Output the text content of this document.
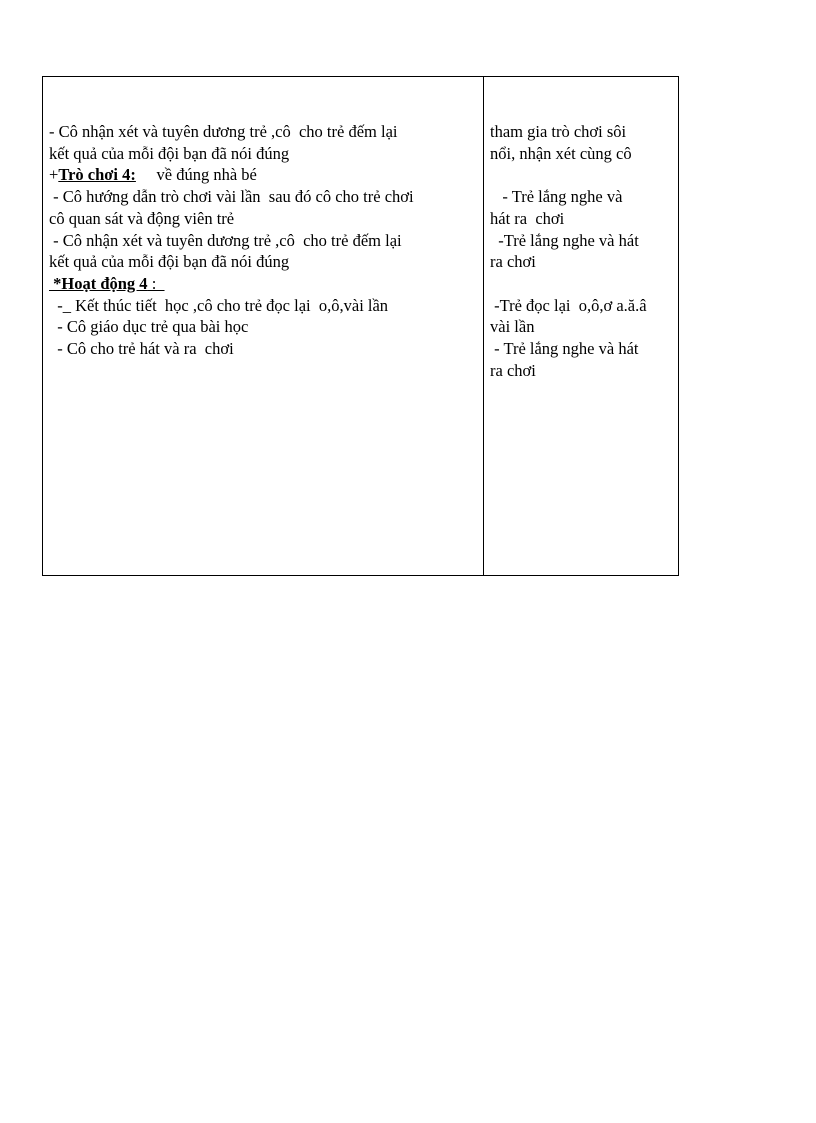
- Cô nhận xét và tuyên dương trẻ ,cô  cho trẻ đếm lại

kết quả của mỗi đội bạn đã nói đúng

+Trò chơi 4:     về đúng nhà bé

- Cô hướng dẫn trò chơi vài lần  sau đó cô cho trẻ chơi

cô quan sát và động viên trẻ

- Cô nhận xét và tuyên dương trẻ ,cô  cho trẻ đếm lại

kết quả của mỗi đội bạn đã nói đúng

*Hoạt động 4 :

-_ Kết thúc tiết  học ,cô cho trẻ đọc lại  o,ô,vài lần

- Cô giáo dục trẻ qua bài học

- Cô cho trẻ hát và ra  chơi

tham gia trò chơi sôi

nổi, nhận xét cùng cô

- Trẻ lắng nghe và

hát ra  chơi

-Trẻ lắng nghe và hát

ra chơi

-Trẻ đọc lại  o,ô,ơ a.ă.â

vài lần

- Trẻ lắng nghe và hát

ra chơi
